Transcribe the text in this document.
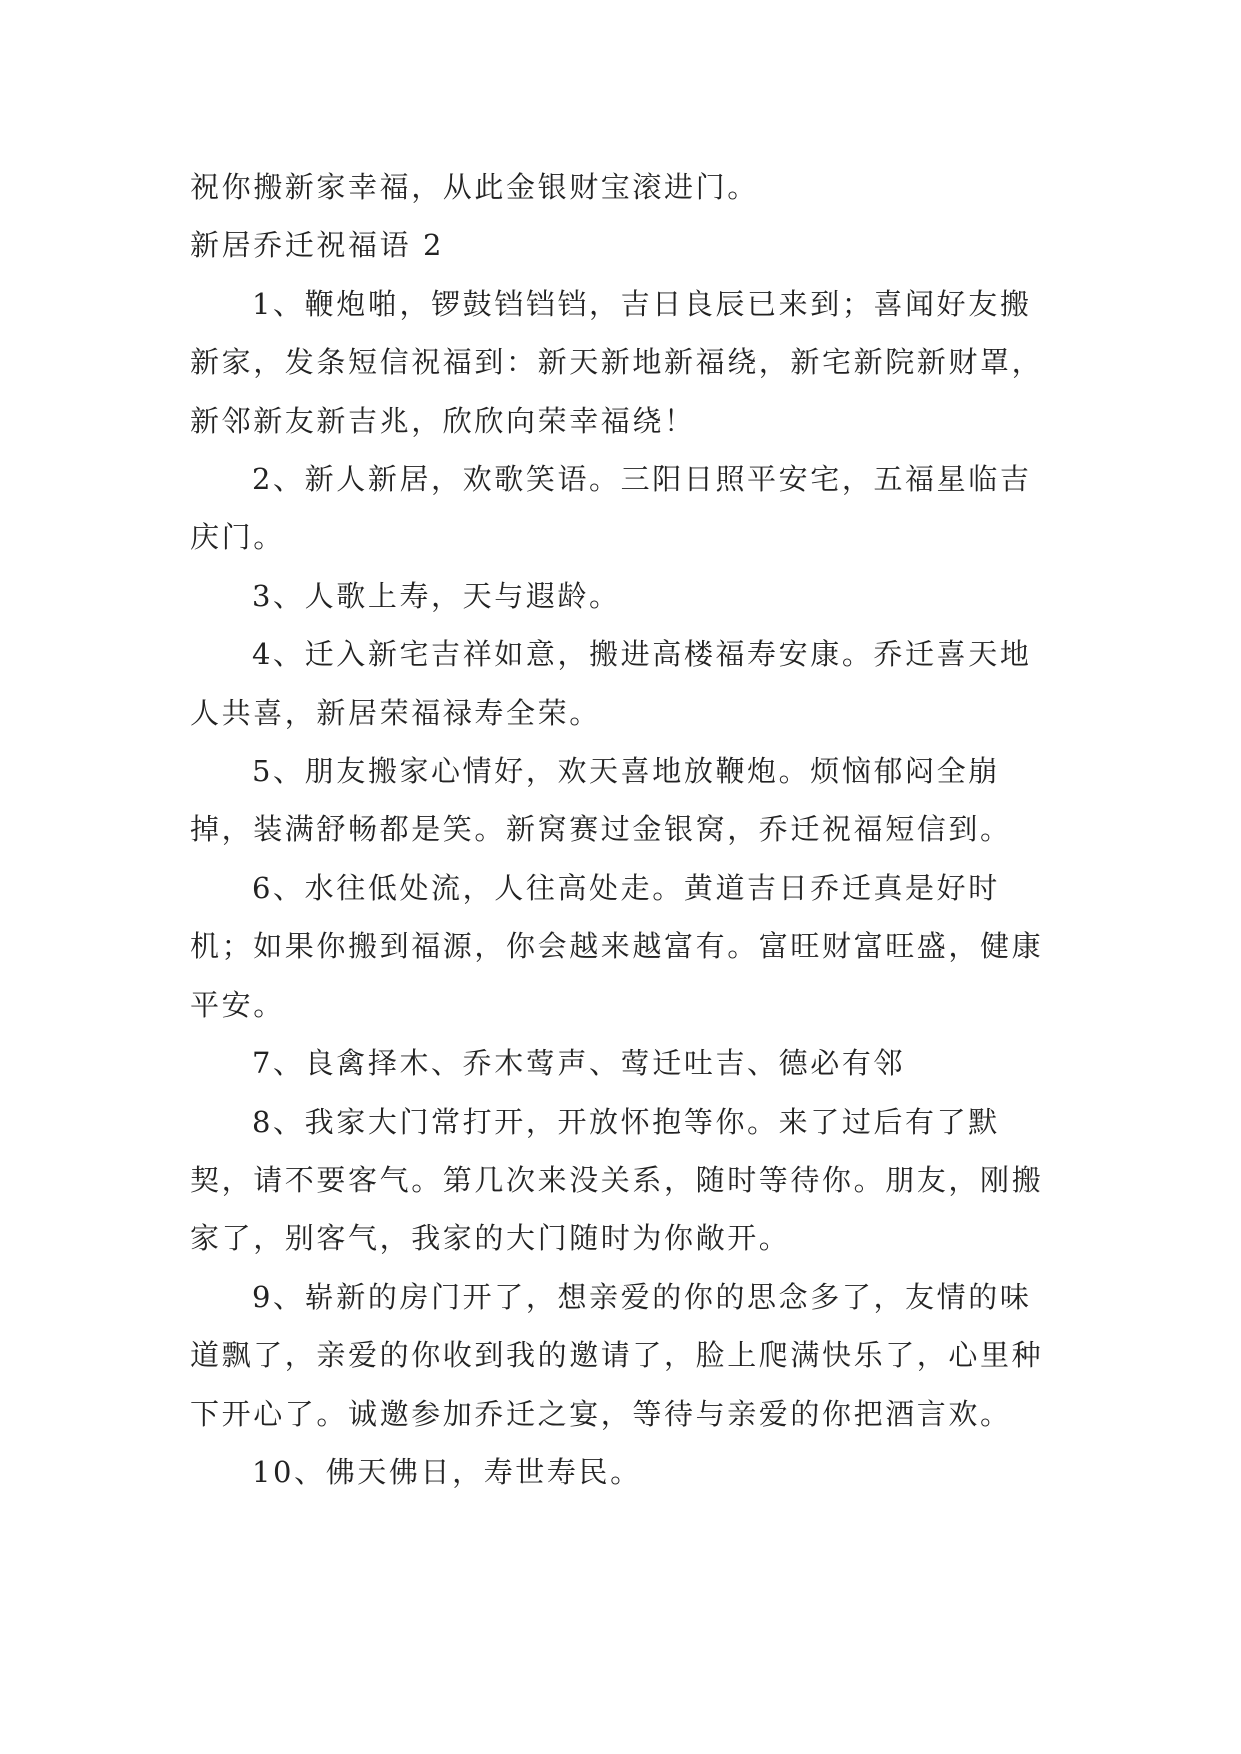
祝你搬新家幸福，从此金银财宝滚进门。

新居乔迁祝福语 2

1、鞭炮啪，锣鼓铛铛铛，吉日良辰已来到；喜闻好友搬新家，发条短信祝福到：新天新地新福绕，新宅新院新财罩，新邻新友新吉兆，欣欣向荣幸福绕！

2、新人新居，欢歌笑语。三阳日照平安宅，五福星临吉庆门。

3、人歌上寿，天与遐龄。

4、迁入新宅吉祥如意，搬进高楼福寿安康。乔迁喜天地人共喜，新居荣福禄寿全荣。

5、朋友搬家心情好，欢天喜地放鞭炮。烦恼郁闷全崩掉，装满舒畅都是笑。新窝赛过金银窝，乔迁祝福短信到。

6、水往低处流，人往高处走。黄道吉日乔迁真是好时机；如果你搬到福源，你会越来越富有。富旺财富旺盛，健康平安。

7、良禽择木、乔木莺声、莺迁吐吉、德必有邻

8、我家大门常打开，开放怀抱等你。来了过后有了默契，请不要客气。第几次来没关系，随时等待你。朋友，刚搬家了，别客气，我家的大门随时为你敞开。

9、崭新的房门开了，想亲爱的你的思念多了，友情的味道飘了，亲爱的你收到我的邀请了，脸上爬满快乐了，心里种下开心了。诚邀参加乔迁之宴，等待与亲爱的你把酒言欢。

10、佛天佛日，寿世寿民。
